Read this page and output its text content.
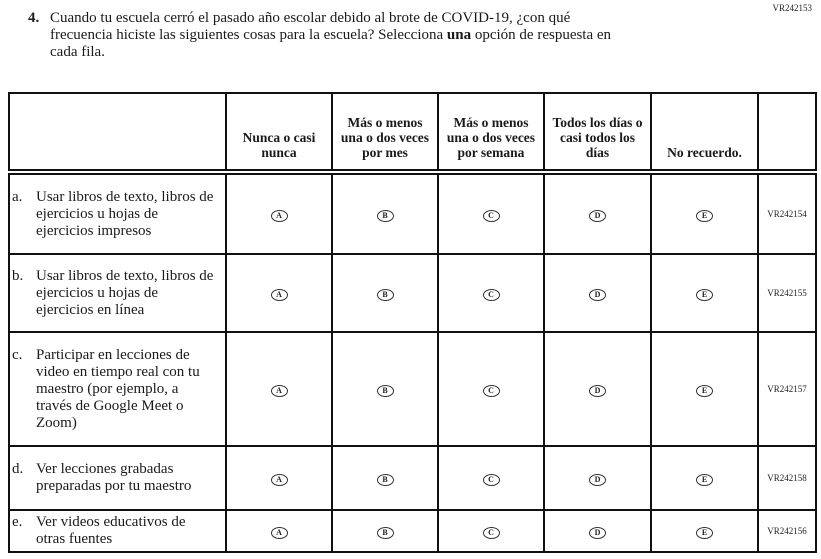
VR242153
4. Cuando tu escuela cerró el pasado año escolar debido al brote de COVID-19, ¿con qué frecuencia hiciste las siguientes cosas para la escuela? Selecciona una opción de respuesta en cada fila.
	Nunca o casi nunca	Más o menos una o dos veces por mes	Más o menos una o dos veces por semana	Todos los días o casi todos los días	No recuerdo.	

a. Usar libros de texto, libros de ejercicios u hojas de ejercicios impresos	A	B	C	D	E	VR242154

b. Usar libros de texto, libros de ejercicios u hojas de ejercicios en línea	A	B	C	D	E	VR242155

c. Participar en lecciones de video en tiempo real con tu maestro (por ejemplo, a través de Google Meet o Zoom)	A	B	C	D	E	VR242157

d. Ver lecciones grabadas preparadas por tu maestro	A	B	C	D	E	VR242158

e. Ver videos educativos de otras fuentes	A	B	C	D	E	VR242156
